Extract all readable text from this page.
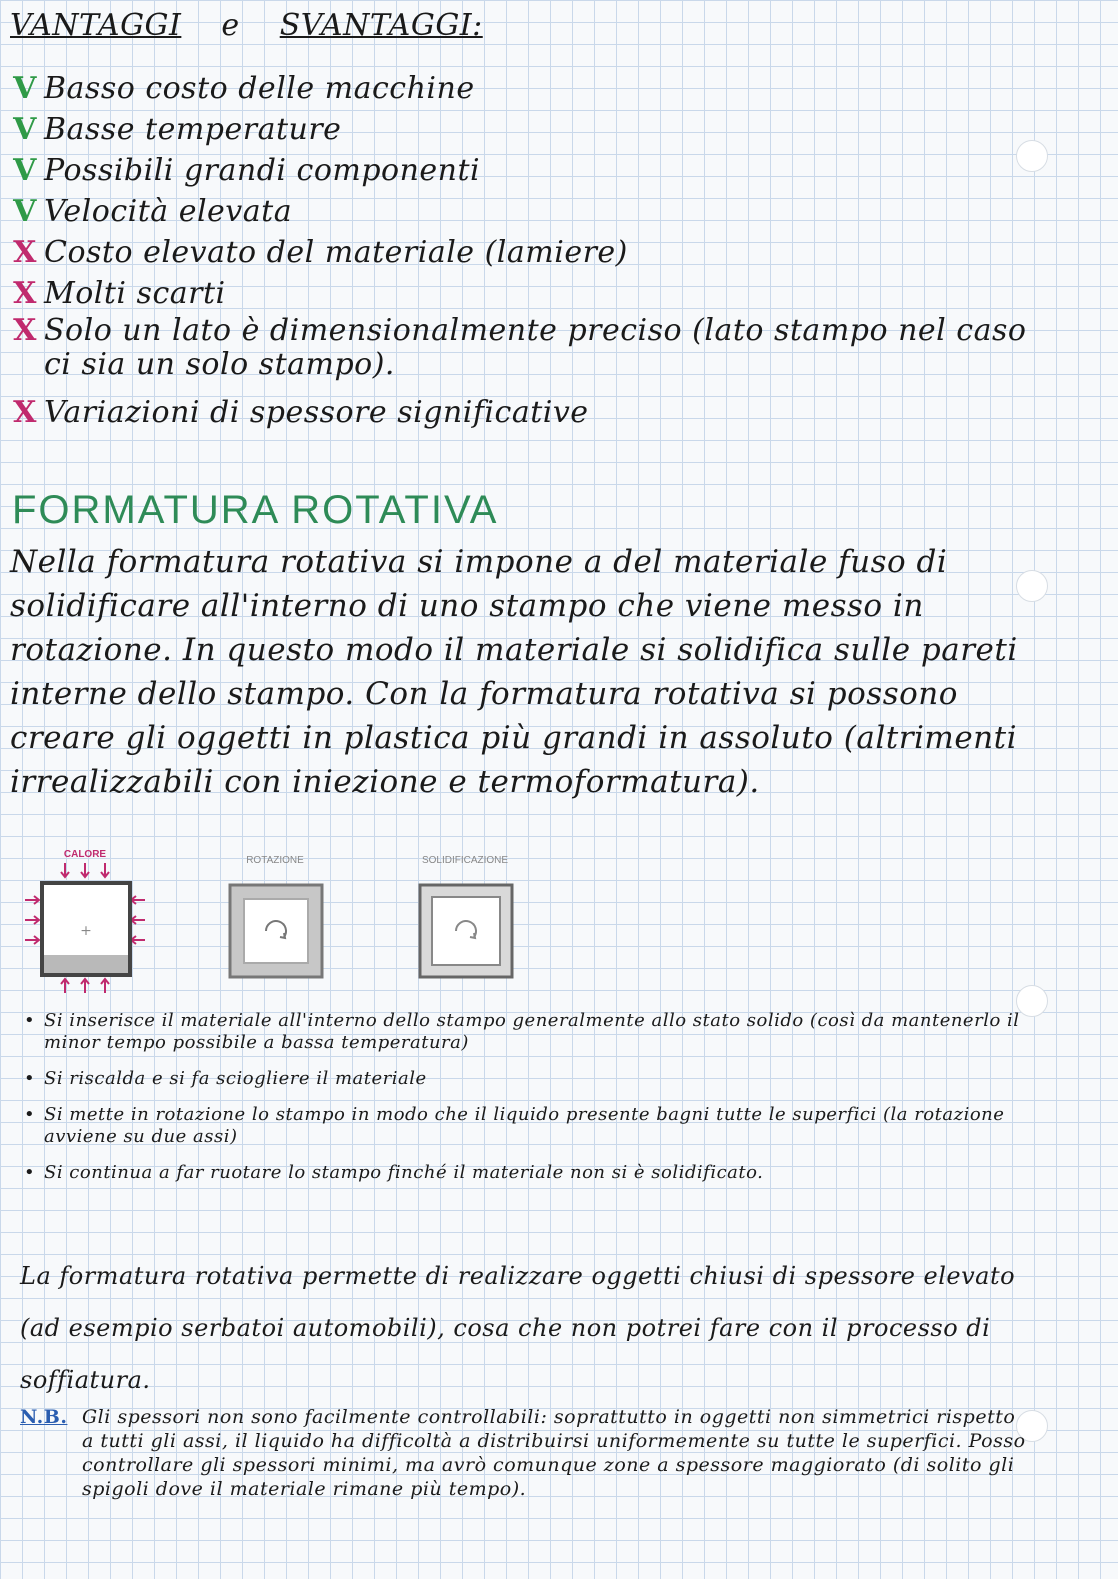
VANTAGGI e SVANTAGGI:
V Basso costo delle macchine
V Basse temperature
V Possibili grandi componenti
V Velocità elevata
X Costo elevato del materiale (lamiere)
X Molti scarti
X Solo un lato è dimensionalmente preciso (lato stampo nel caso ci sia un solo stampo).
X Variazioni di spessore significative
FORMATURA ROTATIVA

Nella formatura rotativa si impone a del materiale fuso di solidificare all'interno di uno stampo che viene messo in rotazione. In questo modo il materiale si solidifica sulle pareti interne dello stampo. Con la formatura rotativa si possono creare gli oggetti in plastica più grandi in assoluto (altrimenti irrealizzabili con iniezione e termoformatura).

CALORE
+
ROTAZIONE	SOLIDIFICAZIONE
• Si inserisce il materiale all'interno dello stampo generalmente allo stato solido (così da mantenerlo il minor tempo possibile a bassa temperatura)
• Si riscalda e si fa sciogliere il materiale
• Si mette in rotazione lo stampo in modo che il liquido presente bagni tutte le superfici (la rotazione avviene su due assi)
• Si continua a far ruotare lo stampo finché il materiale non si è solidificato.

La formatura rotativa permette di realizzare oggetti chiusi di spessore elevato (ad esempio serbatoi automobili), cosa che non potrei fare con il processo di soffiatura.

N.B. Gli spessori non sono facilmente controllabili: soprattutto in oggetti non simmetrici rispetto a tutti gli assi, il liquido ha difficoltà a distribuirsi uniformemente su tutte le superfici. Posso controllare gli spessori minimi, ma avrò comunque zone a spessore maggiorato (di solito gli spigoli dove il materiale rimane più tempo).
